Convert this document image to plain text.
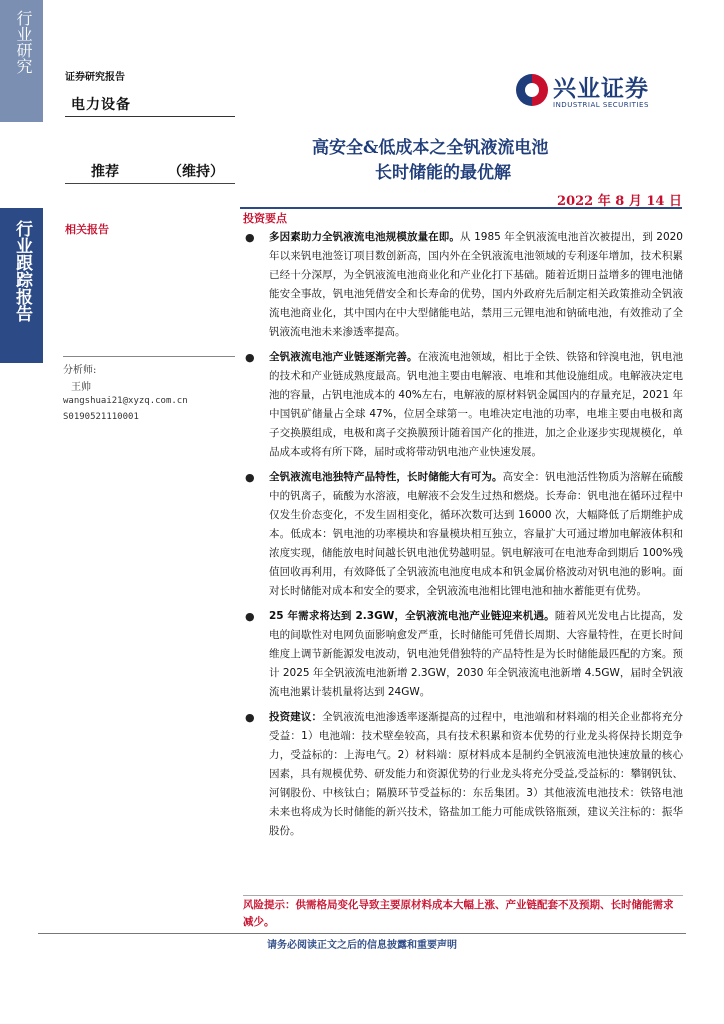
行业研究
行业跟踪报告
证券研究报告
电力设备
兴业证券
INDUSTRIAL SECURITIES
推荐	（维持）
高安全&低成本之全钒液流电池
长时储能的最优解
2022 年 8 月 14 日
相关报告
分析师:
王帅
wangshuai21@xyzq.com.cn
S0190521110001
投资要点
● 多因素助力全钒液流电池规模放量在即。从 1985 年全钒液流电池首次被提出，到 2020 年以来钒电池签订项目数创新高，国内外在全钒液流电池领域的专利逐年增加，技术积累已经十分深厚，为全钒液流电池商业化和产业化打下基础。随着近期日益增多的锂电池储能安全事故，钒电池凭借安全和长寿命的优势，国内外政府先后制定相关政策推动全钒液流电池商业化，其中国内在中大型储能电站，禁用三元锂电池和钠硫电池，有效推动了全钒液流电池未来渗透率提高。
● 全钒液流电池产业链逐渐完善。在液流电池领域，相比于全铁、铁铬和锌溴电池，钒电池的技术和产业链成熟度最高。钒电池主要由电解液、电堆和其他设施组成。电解液决定电池的容量，占钒电池成本的 40%左右，电解液的原材料钒金属国内的存量充足，2021 年中国钒矿储量占全球 47%，位居全球第一。电堆决定电池的功率，电堆主要由电极和离子交换膜组成，电极和离子交换膜预计随着国产化的推进，加之企业逐步实现规模化，单品成本或将有所下降，届时或将带动钒电池产业快速发展。
● 全钒液流电池独特产品特性，长时储能大有可为。高安全：钒电池活性物质为溶解在硫酸中的钒离子，硫酸为水溶液，电解液不会发生过热和燃烧。长寿命：钒电池在循环过程中仅发生价态变化，不发生固相变化，循环次数可达到 16000 次，大幅降低了后期维护成本。低成本：钒电池的功率模块和容量模块相互独立，容量扩大可通过增加电解液体积和浓度实现，储能放电时间越长钒电池优势越明显。钒电解液可在电池寿命到期后 100%残值回收再利用，有效降低了全钒液流电池度电成本和钒金属价格波动对钒电池的影响。面对长时储能对成本和安全的要求，全钒液流电池相比锂电池和抽水蓄能更有优势。
● 25 年需求将达到 2.3GW，全钒液流电池产业链迎来机遇。随着风光发电占比提高，发电的间歇性对电网负面影响愈发严重，长时储能可凭借长周期、大容量特性，在更长时间维度上调节新能源发电波动，钒电池凭借独特的产品特性是为长时储能最匹配的方案。预计 2025 年全钒液流电池新增 2.3GW，2030 年全钒液流电池新增 4.5GW，届时全钒液流电池累计装机量将达到 24GW。
● 投资建议：全钒液流电池渗透率逐渐提高的过程中，电池端和材料端的相关企业都将充分受益：1）电池端：技术壁垒较高，具有技术积累和资本优势的行业龙头将保持长期竞争力，受益标的：上海电气。2）材料端：原材料成本是制约全钒液流电池快速放量的核心因素，具有规模优势、研发能力和资源优势的行业龙头将充分受益,受益标的：攀钢钒钛、河钢股份、中核钛白；隔膜环节受益标的：东岳集团。3）其他液流电池技术：铁铬电池未来也将成为长时储能的新兴技术，铬盐加工能力可能成铁铬瓶颈，建议关注标的：振华股份。
风险提示：供需格局变化导致主要原材料成本大幅上涨、产业链配套不及预期、长时储能需求减少。
请务必阅读正文之后的信息披露和重要声明
